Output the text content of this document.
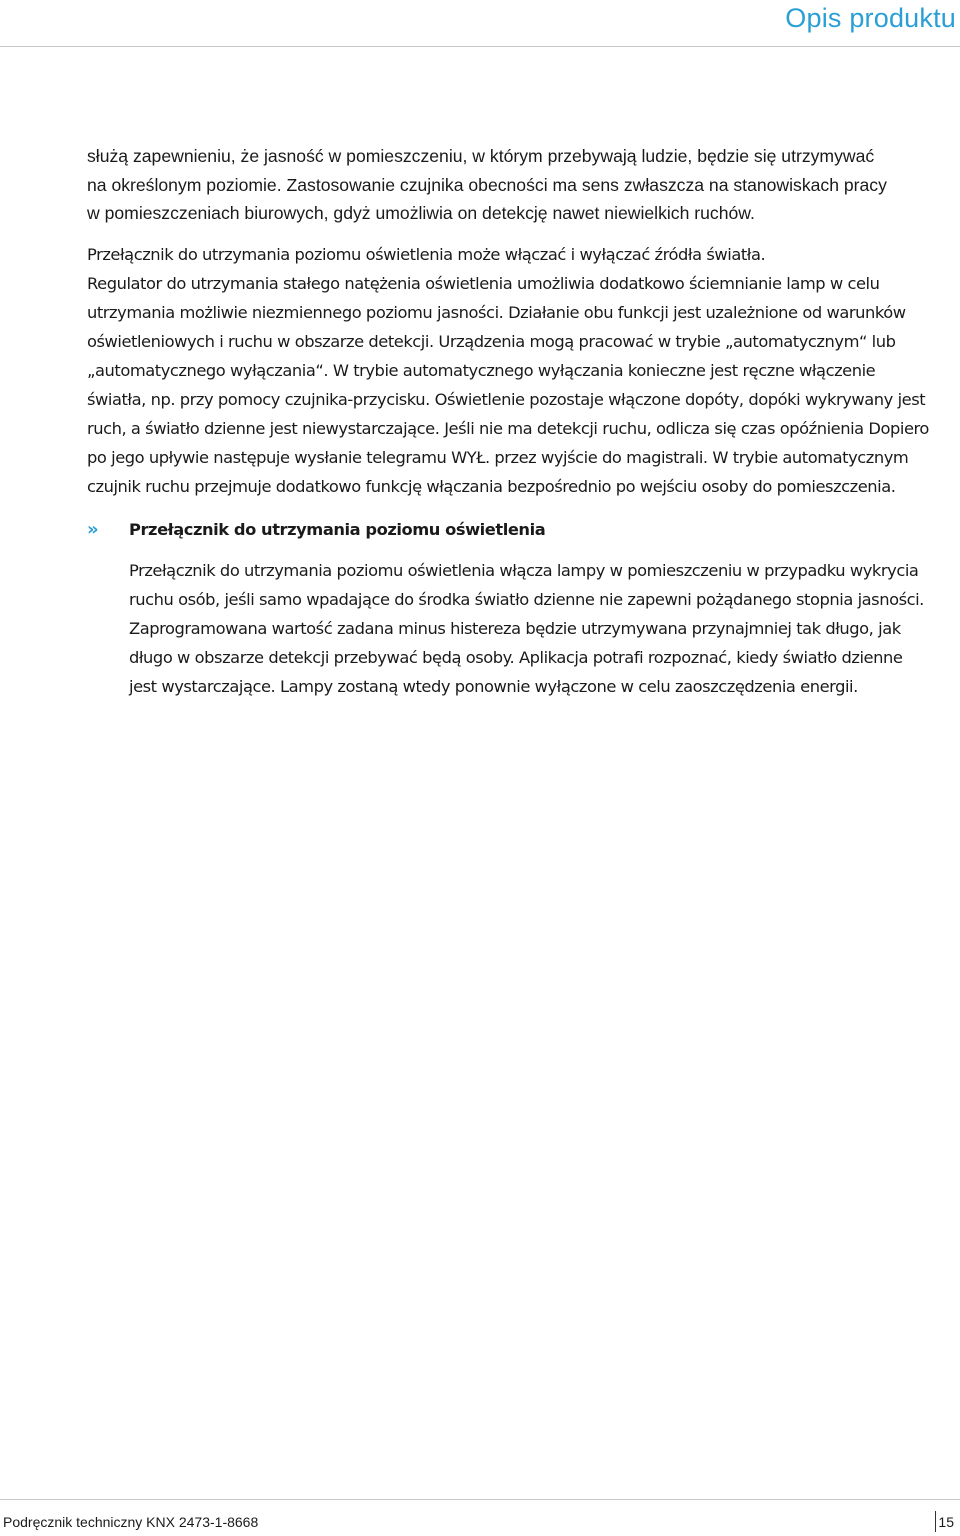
Opis produktu

służą zapewnieniu, że jasność w pomieszczeniu, w którym przebywają ludzie, będzie się utrzymywać na określonym poziomie. Zastosowanie czujnika obecności ma sens zwłaszcza na stanowiskach pracy w pomieszczeniach biurowych, gdyż umożliwia on detekcję nawet niewielkich ruchów.

Przełącznik do utrzymania poziomu oświetlenia może włączać i wyłączać źródła światła.

Regulator do utrzymania stałego natężenia oświetlenia umożliwia dodatkowo ściemnianie lamp w celu utrzymania możliwie niezmiennego poziomu jasności. Działanie obu funkcji jest uzależnione od warunków oświetleniowych i ruchu w obszarze detekcji. Urządzenia mogą pracować w trybie „automatycznym“ lub „automatycznego wyłączania“. W trybie automatycznego wyłączania konieczne jest ręczne włączenie światła, np. przy pomocy czujnika-przycisku. Oświetlenie pozostaje włączone dopóty, dopóki wykrywany jest ruch, a światło dzienne jest niewystarczające. Jeśli nie ma detekcji ruchu, odlicza się czas opóźnienia Dopiero po jego upływie następuje wysłanie telegramu WYŁ. przez wyjście do magistrali. W trybie automatycznym czujnik ruchu przejmuje dodatkowo funkcję włączania bezpośrednio po wejściu osoby do pomieszczenia.

» Przełącznik do utrzymania poziomu oświetlenia

Przełącznik do utrzymania poziomu oświetlenia włącza lampy w pomieszczeniu w przypadku wykrycia ruchu osób, jeśli samo wpadające do środka światło dzienne nie zapewni pożądanego stopnia jasności. Zaprogramowana wartość zadana minus histereza będzie utrzymywana przynajmniej tak długo, jak długo w obszarze detekcji przebywać będą osoby. Aplikacja potrafi rozpoznać, kiedy światło dzienne jest wystarczające. Lampy zostaną wtedy ponownie wyłączone w celu zaoszczędzenia energii.

Podręcznik techniczny KNX 2473-1-8668	15
